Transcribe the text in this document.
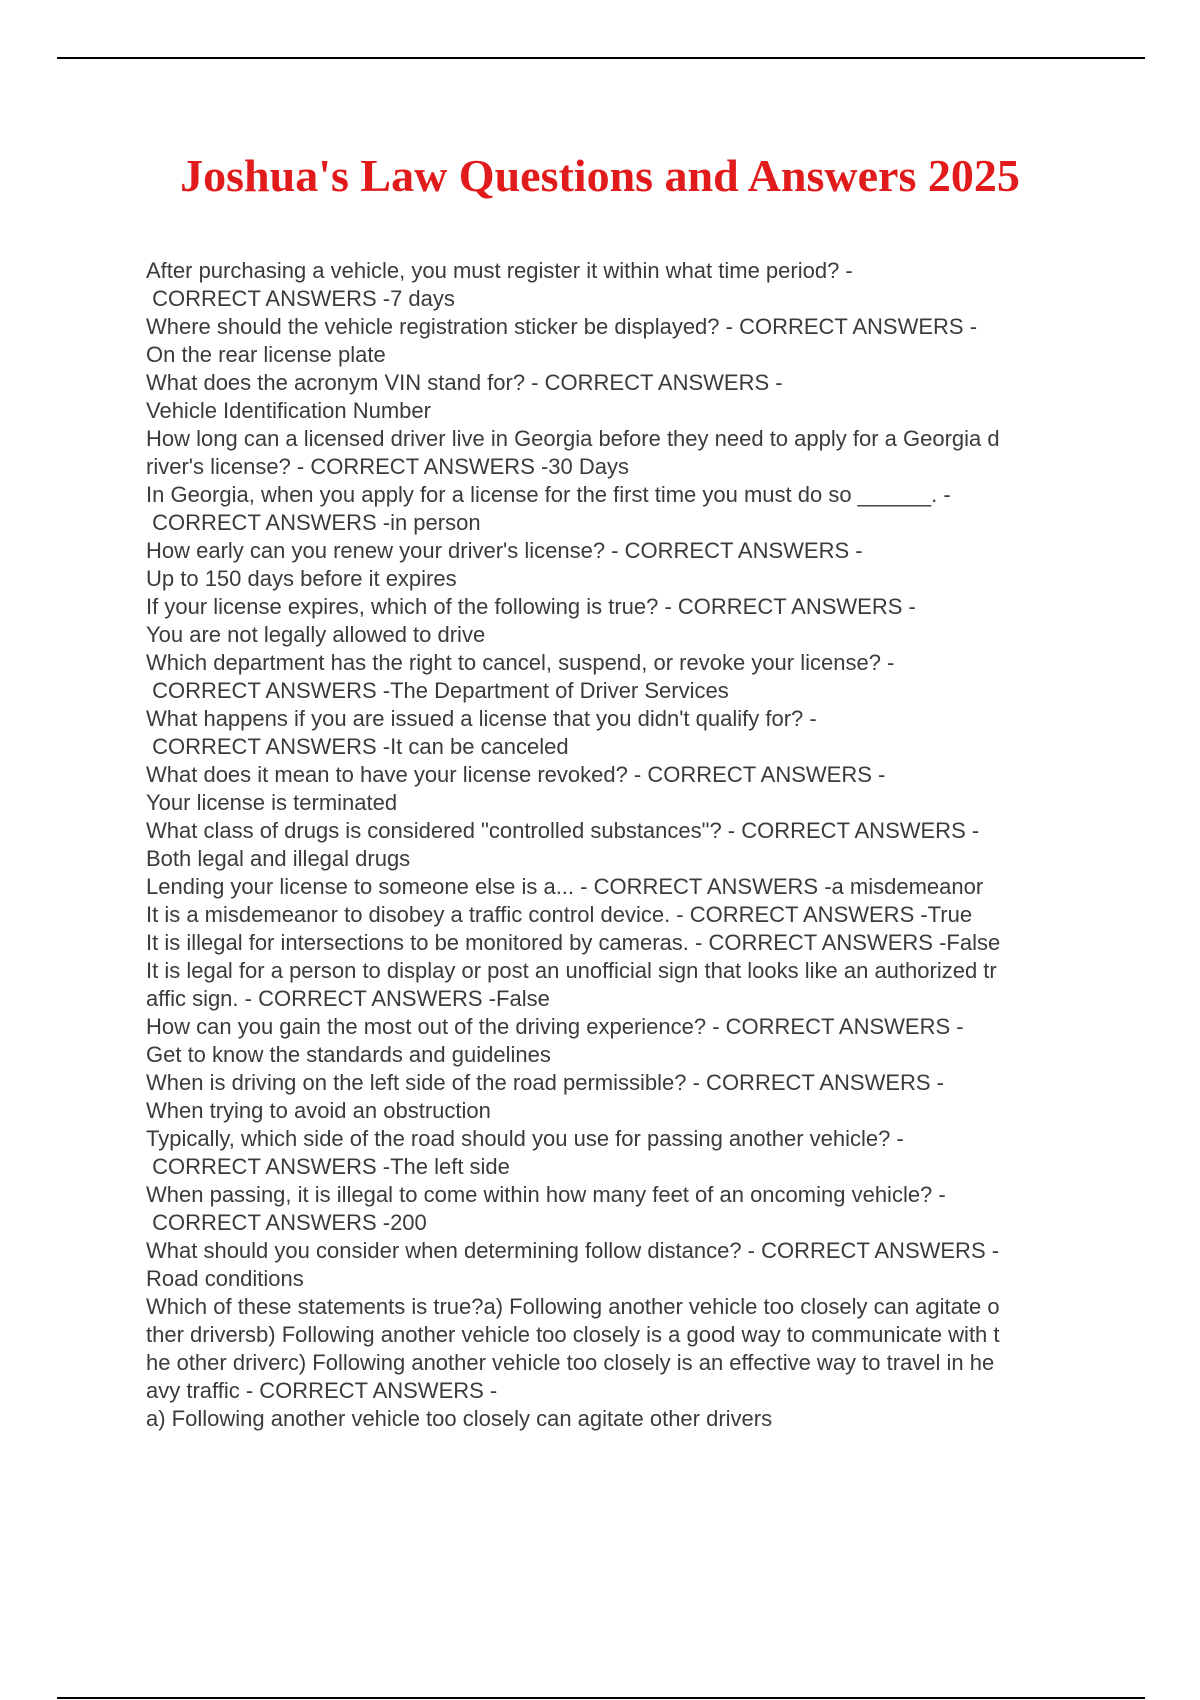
Joshua's Law Questions and Answers 2025
After purchasing a vehicle, you must register it within what time period? -
CORRECT ANSWERS -7 days
Where should the vehicle registration sticker be displayed? - CORRECT ANSWERS -
On the rear license plate
What does the acronym VIN stand for? - CORRECT ANSWERS -
Vehicle Identification Number
How long can a licensed driver live in Georgia before they need to apply for a Georgia d
river's license? - CORRECT ANSWERS -30 Days
In Georgia, when you apply for a license for the first time you must do so ______. -
CORRECT ANSWERS -in person
How early can you renew your driver's license? - CORRECT ANSWERS -
Up to 150 days before it expires
If your license expires, which of the following is true? - CORRECT ANSWERS -
You are not legally allowed to drive
Which department has the right to cancel, suspend, or revoke your license? -
CORRECT ANSWERS -The Department of Driver Services
What happens if you are issued a license that you didn't qualify for? -
CORRECT ANSWERS -It can be canceled
What does it mean to have your license revoked? - CORRECT ANSWERS -
Your license is terminated
What class of drugs is considered "controlled substances"? - CORRECT ANSWERS -
Both legal and illegal drugs
Lending your license to someone else is a... - CORRECT ANSWERS -a misdemeanor
It is a misdemeanor to disobey a traffic control device. - CORRECT ANSWERS -True
It is illegal for intersections to be monitored by cameras. - CORRECT ANSWERS -False
It is legal for a person to display or post an unofficial sign that looks like an authorized tr
affic sign. - CORRECT ANSWERS -False
How can you gain the most out of the driving experience? - CORRECT ANSWERS -
Get to know the standards and guidelines
When is driving on the left side of the road permissible? - CORRECT ANSWERS -
When trying to avoid an obstruction
Typically, which side of the road should you use for passing another vehicle? -
CORRECT ANSWERS -The left side
When passing, it is illegal to come within how many feet of an oncoming vehicle? -
CORRECT ANSWERS -200
What should you consider when determining follow distance? - CORRECT ANSWERS -
Road conditions
Which of these statements is true?a) Following another vehicle too closely can agitate o
ther driversb) Following another vehicle too closely is a good way to communicate with t
he other driverc) Following another vehicle too closely is an effective way to travel in he
avy traffic - CORRECT ANSWERS -
a) Following another vehicle too closely can agitate other drivers
